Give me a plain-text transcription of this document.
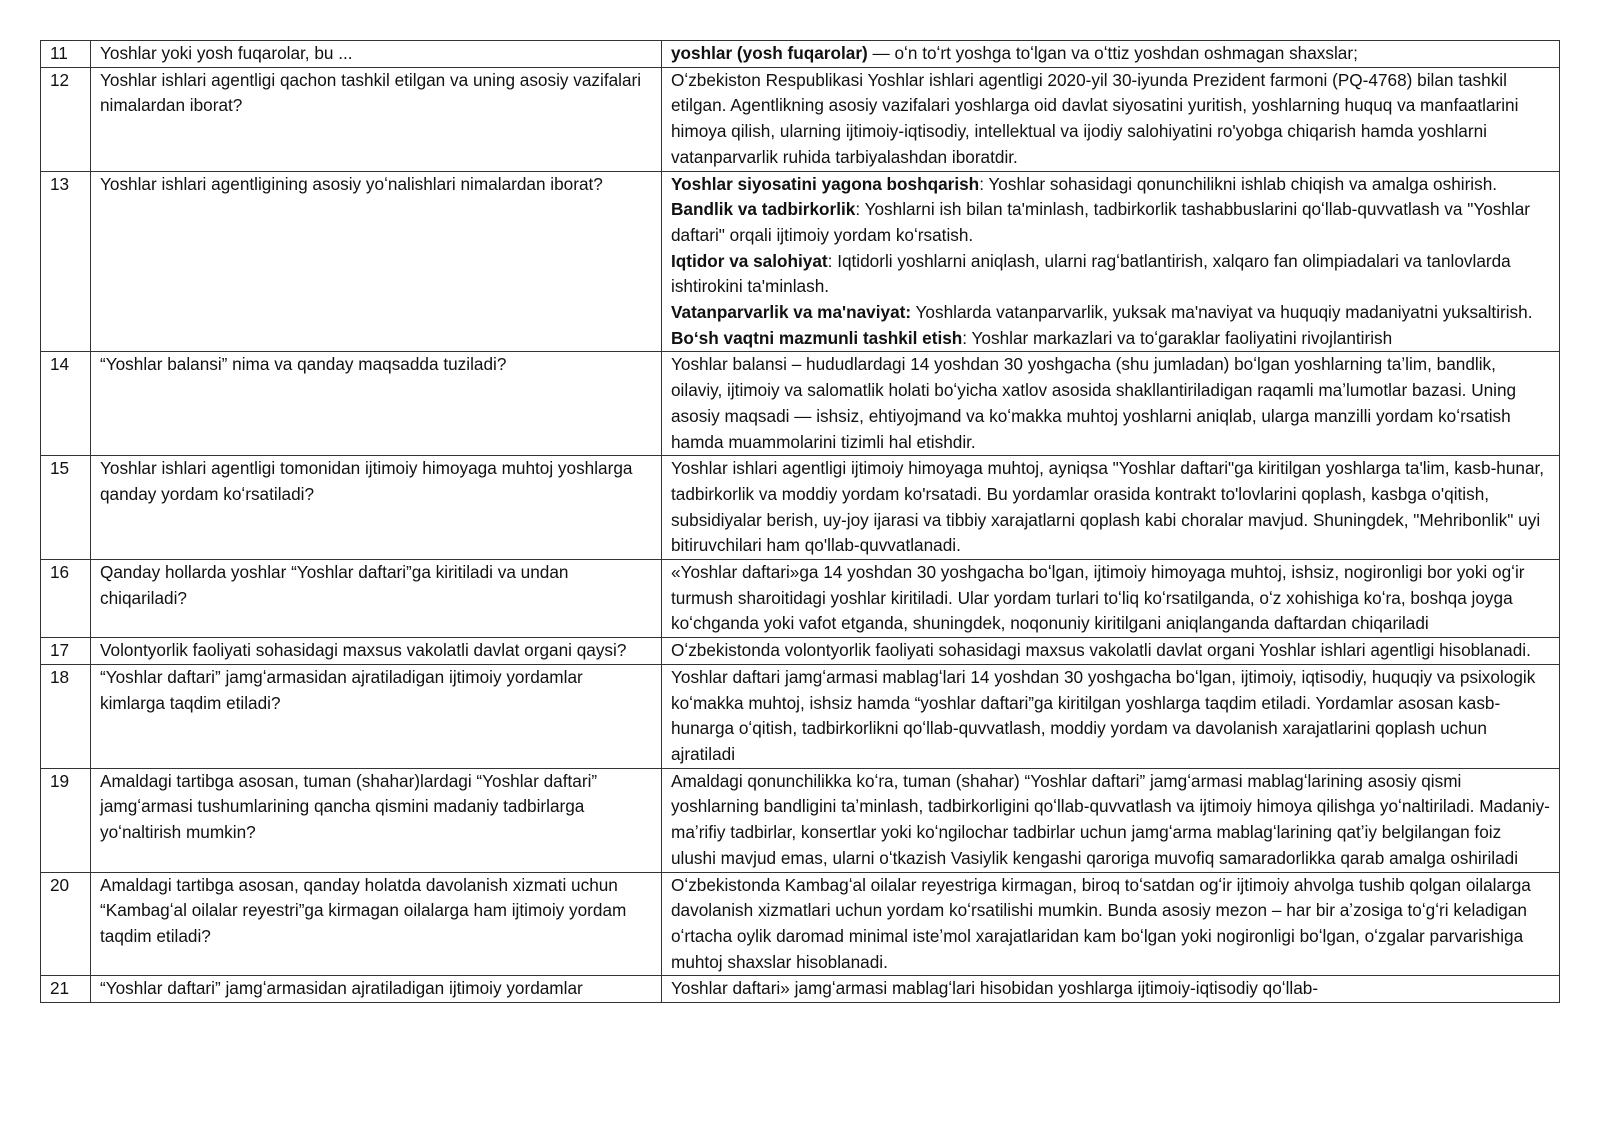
11	Yoshlar yoki yosh fuqarolar, bu ...	yoshlar (yosh fuqarolar) — oʻn toʻrt yoshga toʻlgan va oʻttiz yoshdan oshmagan shaxslar;
12	Yoshlar ishlari agentligi qachon tashkil etilgan va uning asosiy vazifalari nimalardan iborat?	Oʻzbekiston Respublikasi Yoshlar ishlari agentligi 2020-yil 30-iyunda Prezident farmoni (PQ-4768) bilan tashkil etilgan. Agentlikning asosiy vazifalari yoshlarga oid davlat siyosatini yuritish, yoshlarning huquq va manfaatlarini himoya qilish, ularning ijtimoiy-iqtisodiy, intellektual va ijodiy salohiyatini ro'yobga chiqarish hamda yoshlarni vatanparvarlik ruhida tarbiyalashdan iboratdir.
13	Yoshlar ishlari agentligining asosiy yoʻnalishlari nimalardan iborat?	Yoshlar siyosatini yagona boshqarish: Yoshlar sohasidagi qonunchilikni ishlab chiqish va amalga oshirish. Bandlik va tadbirkorlik: Yoshlarni ish bilan ta'minlash, tadbirkorlik tashabbuslarini qoʻllab-quvvatlash va "Yoshlar daftari" orqali ijtimoiy yordam koʻrsatish.
Iqtidor va salohiyat: Iqtidorli yoshlarni aniqlash, ularni ragʻbatlantirish, xalqaro fan olimpiadalari va tanlovlarda ishtirokini ta'minlash.
Vatanparvarlik va ma'naviyat: Yoshlarda vatanparvarlik, yuksak ma'naviyat va huquqiy madaniyatni yuksaltirish. Boʻsh vaqtni mazmunli tashkil etish: Yoshlar markazlari va toʻgaraklar faoliyatini rivojlantirish
14	“Yoshlar balansi” nima va qanday maqsadda tuziladi?	Yoshlar balansi – hududlardagi 14 yoshdan 30 yoshgacha (shu jumladan) boʻlgan yoshlarning taʼlim, bandlik, oilaviy, ijtimoiy va salomatlik holati boʻyicha xatlov asosida shakllantiriladigan raqamli maʼlumotlar bazasi. Uning asosiy maqsadi — ishsiz, ehtiyojmand va koʻmakka muhtoj yoshlarni aniqlab, ularga manzilli yordam koʻrsatish hamda muammolarini tizimli hal etishdir.
15	Yoshlar ishlari agentligi tomonidan ijtimoiy himoyaga muhtoj yoshlarga qanday yordam koʻrsatiladi?	Yoshlar ishlari agentligi ijtimoiy himoyaga muhtoj, ayniqsa "Yoshlar daftari"ga kiritilgan yoshlarga ta'lim, kasb-hunar, tadbirkorlik va moddiy yordam ko'rsatadi. Bu yordamlar orasida kontrakt to'lovlarini qoplash, kasbga o'qitish, subsidiyalar berish, uy-joy ijarasi va tibbiy xarajatlarni qoplash kabi choralar mavjud. Shuningdek, "Mehribonlik" uyi bitiruvchilari ham qo'llab-quvvatlanadi.
16	Qanday hollarda yoshlar “Yoshlar daftari”ga kiritiladi va undan chiqariladi?	«Yoshlar daftari»ga 14 yoshdan 30 yoshgacha boʻlgan, ijtimoiy himoyaga muhtoj, ishsiz, nogironligi bor yoki ogʻir turmush sharoitidagi yoshlar kiritiladi. Ular yordam turlari toʻliq koʻrsatilganda, oʻz xohishiga koʻra, boshqa joyga koʻchganda yoki vafot etganda, shuningdek, noqonuniy kiritilgani aniqlanganda daftardan chiqariladi
17	Volontyorlik faoliyati sohasidagi maxsus vakolatli davlat organi qaysi?	Oʻzbekistonda volontyorlik faoliyati sohasidagi maxsus vakolatli davlat organi Yoshlar ishlari agentligi hisoblanadi.
18	“Yoshlar daftari” jamgʻarmasidan ajratiladigan ijtimoiy yordamlar kimlarga taqdim etiladi?	Yoshlar daftari jamgʻarmasi mablagʻlari 14 yoshdan 30 yoshgacha boʻlgan, ijtimoiy, iqtisodiy, huquqiy va psixologik koʻmakka muhtoj, ishsiz hamda “yoshlar daftari”ga kiritilgan yoshlarga taqdim etiladi. Yordamlar asosan kasb-hunarga oʻqitish, tadbirkorlikni qoʻllab-quvvatlash, moddiy yordam va davolanish xarajatlarini qoplash uchun ajratiladi
19	Amaldagi tartibga asosan, tuman (shahar)lardagi “Yoshlar daftari” jamgʻarmasi tushumlarining qancha qismini madaniy tadbirlarga yoʻnaltirish mumkin?	Amaldagi qonunchilikka koʻra, tuman (shahar) “Yoshlar daftari” jamgʻarmasi mablagʻlarining asosiy qismi yoshlarning bandligini taʼminlash, tadbirkorligini qoʻllab-quvvatlash va ijtimoiy himoya qilishga yoʻnaltiriladi. Madaniy-maʼrifiy tadbirlar, konsertlar yoki koʻngilochar tadbirlar uchun jamgʻarma mablagʻlarining qatʼiy belgilangan foiz ulushi mavjud emas, ularni oʻtkazish Vasiylik kengashi qaroriga muvofiq samaradorlikka qarab amalga oshiriladi
20	Amaldagi tartibga asosan, qanday holatda davolanish xizmati uchun “Kambagʻal oilalar reyestri”ga kirmagan oilalarga ham ijtimoiy yordam taqdim etiladi?	Oʻzbekistonda Kambagʻal oilalar reyestriga kirmagan, biroq toʻsatdan ogʻir ijtimoiy ahvolga tushib qolgan oilalarga davolanish xizmatlari uchun yordam koʻrsatilishi mumkin. Bunda asosiy mezon – har bir aʼzosiga toʻgʻri keladigan oʻrtacha oylik daromad minimal isteʼmol xarajatlaridan kam boʻlgan yoki nogironligi boʻlgan, oʻzgalar parvarishiga muhtoj shaxslar hisoblanadi.
21	“Yoshlar daftari” jamgʻarmasidan ajratiladigan ijtimoiy yordamlar	Yoshlar daftari» jamgʻarmasi mablagʻlari hisobidan yoshlarga ijtimoiy-iqtisodiy qoʻllab-
